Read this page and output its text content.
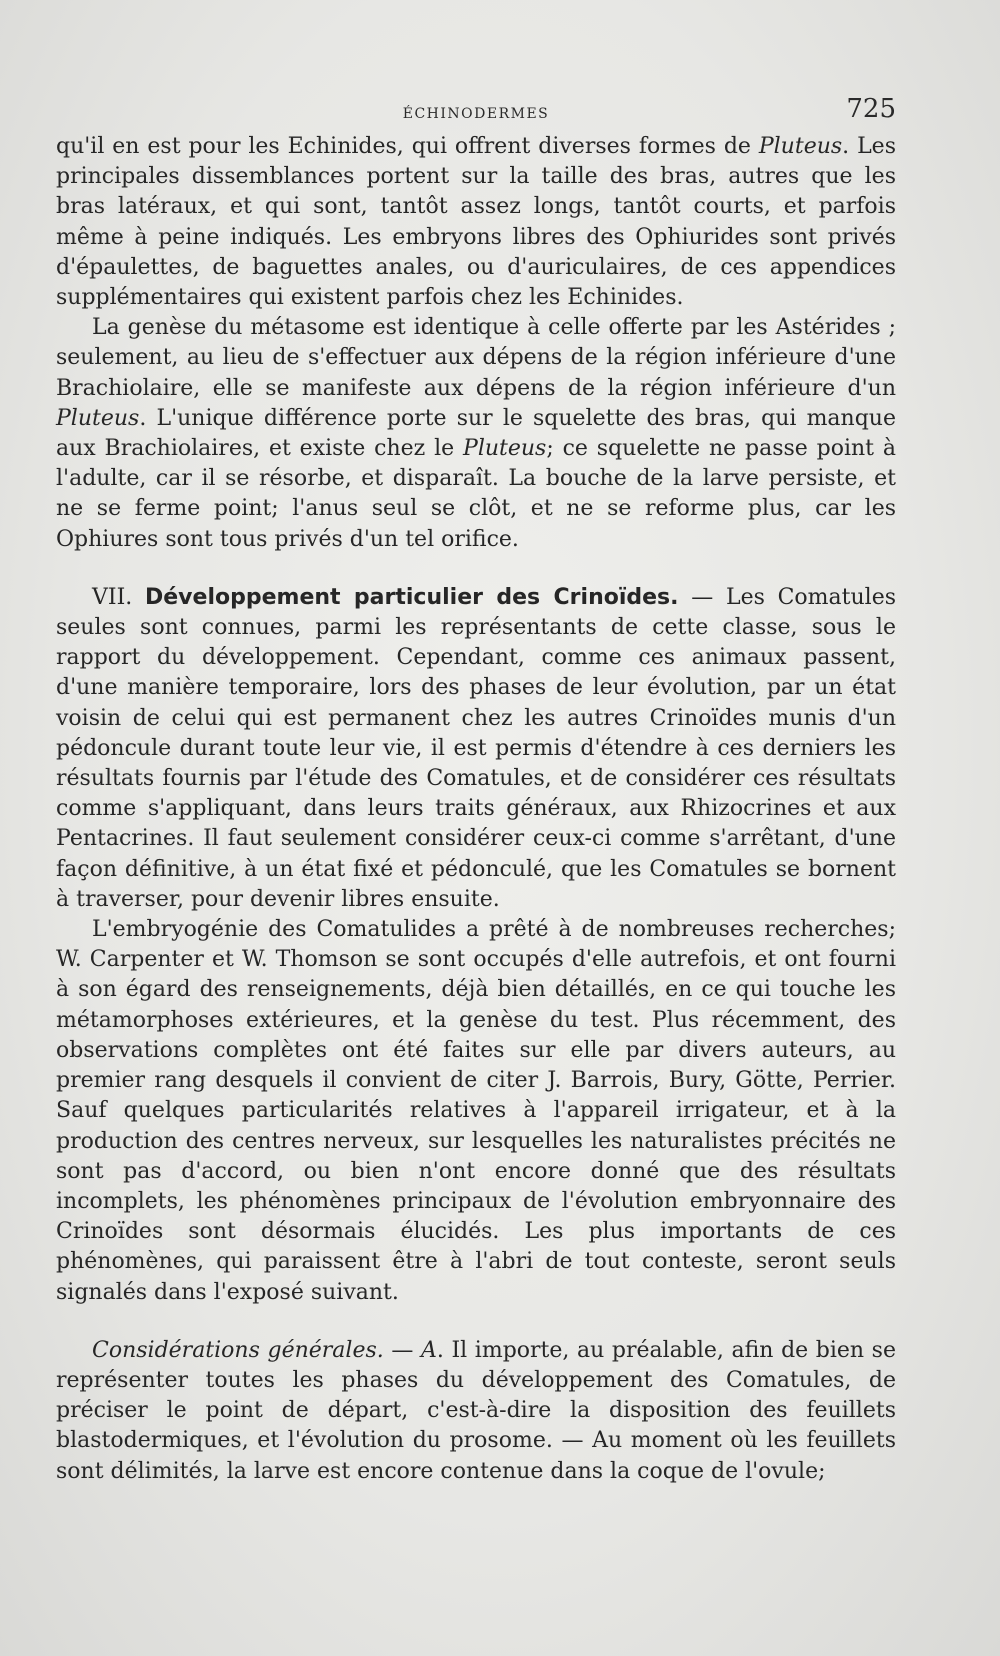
ÉCHINODERMES	725

qu'il en est pour les Echinides, qui offrent diverses formes de Pluteus. Les principales dissemblances portent sur la taille des bras, autres que les bras latéraux, et qui sont, tantôt assez longs, tantôt courts, et parfois même à peine indiqués. Les embryons libres des Ophiurides sont privés d'épaulettes, de baguettes anales, ou d'auriculaires, de ces appendices supplémentaires qui existent parfois chez les Echinides.

La genèse du métasome est identique à celle offerte par les Astérides ; seulement, au lieu de s'effectuer aux dépens de la région inférieure d'une Brachiolaire, elle se manifeste aux dépens de la région inférieure d'un Pluteus. L'unique différence porte sur le squelette des bras, qui manque aux Brachiolaires, et existe chez le Pluteus; ce squelette ne passe point à l'adulte, car il se résorbe, et disparaît. La bouche de la larve persiste, et ne se ferme point; l'anus seul se clôt, et ne se reforme plus, car les Ophiures sont tous privés d'un tel orifice.

VII. Développement particulier des Crinoïdes. — Les Comatules seules sont connues, parmi les représentants de cette classe, sous le rapport du développement. Cependant, comme ces animaux passent, d'une manière temporaire, lors des phases de leur évolution, par un état voisin de celui qui est permanent chez les autres Crinoïdes munis d'un pédoncule durant toute leur vie, il est permis d'étendre à ces derniers les résultats fournis par l'étude des Comatules, et de considérer ces résultats comme s'appliquant, dans leurs traits généraux, aux Rhizocrines et aux Pentacrines. Il faut seulement considérer ceux-ci comme s'arrêtant, d'une façon définitive, à un état fixé et pédonculé, que les Comatules se bornent à traverser, pour devenir libres ensuite.

L'embryogénie des Comatulides a prêté à de nombreuses recherches; W. Carpenter et W. Thomson se sont occupés d'elle autrefois, et ont fourni à son égard des renseignements, déjà bien détaillés, en ce qui touche les métamorphoses extérieures, et la genèse du test. Plus récemment, des observations complètes ont été faites sur elle par divers auteurs, au premier rang desquels il convient de citer J. Barrois, Bury, Götte, Perrier. Sauf quelques particularités relatives à l'appareil irrigateur, et à la production des centres nerveux, sur lesquelles les naturalistes précités ne sont pas d'accord, ou bien n'ont encore donné que des résultats incomplets, les phénomènes principaux de l'évolution embryonnaire des Crinoïdes sont désormais élucidés. Les plus importants de ces phénomènes, qui paraissent être à l'abri de tout conteste, seront seuls signalés dans l'exposé suivant.

Considérations générales. — A. Il importe, au préalable, afin de bien se représenter toutes les phases du développement des Comatules, de préciser le point de départ, c'est-à-dire la disposition des feuillets blastodermiques, et l'évolution du prosome. — Au moment où les feuillets sont délimités, la larve est encore contenue dans la coque de l'ovule;
